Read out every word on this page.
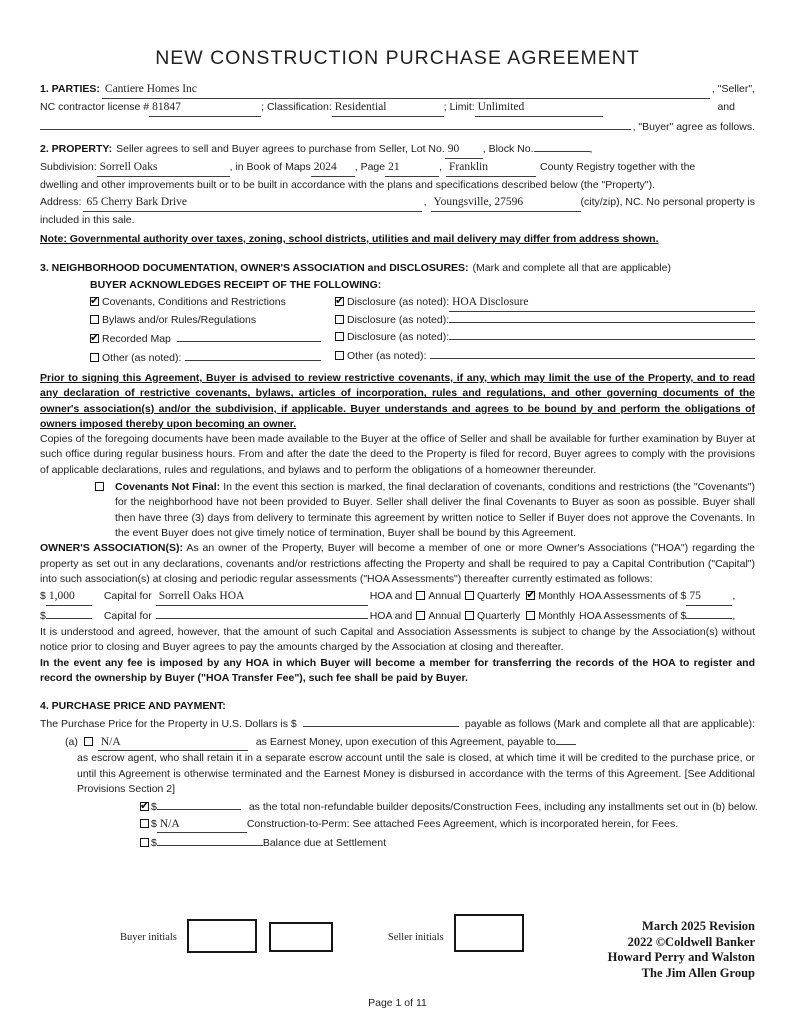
NEW CONSTRUCTION PURCHASE AGREEMENT
1. PARTIES: Cantiere Homes Inc	, "Seller",
NC contractor license # 81847	; Classification: Residential	; Limit: Unlimited	and
, "Buyer" agree as follows.
2. PROPERTY: Seller agrees to sell and Buyer agrees to purchase from Seller, Lot No. 90	, Block No.	,
Subdivision: Sorrell Oaks	, in Book of Maps 2024	, Page 21	, Franklin	County Registry together with the
dwelling and other improvements built or to be built in accordance with the plans and specifications described below (the "Property").
Address: 65 Cherry Bark Drive	, Youngsville, 27596	(city/zip), NC. No personal property is
included in this sale.
Note: Governmental authority over taxes, zoning, school districts, utilities and mail delivery may differ from address shown.
3. NEIGHBORHOOD DOCUMENTATION, OWNER'S ASSOCIATION and DISCLOSURES: (Mark and complete all that are applicable)
BUYER ACKNOWLEDGES RECEIPT OF THE FOLLOWING:
✔
Covenants, Conditions and Restrictions ✔	Disclosure (as noted): HOA Disclosure
Bylaws and/or Rules/Regulations	Disclosure (as noted):
✔
Recorded Map	Disclosure (as noted):
Other (as noted):	Other (as noted):

Prior to signing this Agreement, Buyer is advised to review restrictive covenants, if any, which may limit the use of the Property, and to read any declaration of restrictive covenants, bylaws, articles of incorporation, rules and regulations, and other governing documents of the owner's association(s) and/or the subdivision, if applicable. Buyer understands and agrees to be bound by and perform the obligations of owners imposed thereby upon becoming an owner.

Copies of the foregoing documents have been made available to the Buyer at the office of Seller and shall be available for further examination by Buyer at such office during regular business hours. From and after the date the deed to the Property is filed for record, Buyer agrees to comply with the provisions of applicable declarations, rules and regulations, and bylaws and to perform the obligations of a homeowner thereunder.

Covenants Not Final: In the event this section is marked, the final declaration of covenants, conditions and restrictions (the "Covenants") for the neighborhood have not been provided to Buyer. Seller shall deliver the final Covenants to Buyer as soon as possible. Buyer shall then have three (3) days from delivery to terminate this agreement by written notice to Seller if Buyer does not approve the Covenants. In the event Buyer does not give timely notice of termination, Buyer shall be bound by this Agreement.

OWNER'S ASSOCIATION(S): As an owner of the Property, Buyer will become a member of one or more Owner's Associations ("HOA") regarding the property as set out in any declarations, covenants and/or restrictions affecting the Property and shall be required to pay a Capital Contribution ("Capital") into such association(s) at closing and periodic regular assessments ("HOA Assessments") thereafter currently estimated as follows:

$ 1,000	Capital for Sorrell Oaks HOA	HOA and Annual Quarterly ✔ Monthly HOA Assessments of $ 75	,
$	Capital for	HOA and Annual Quarterly Monthly HOA Assessments of $	,

It is understood and agreed, however, that the amount of such Capital and Association Assessments is subject to change by the Association(s) without notice prior to closing and Buyer agrees to pay the amounts charged by the Association at closing and thereafter.

In the event any fee is imposed by any HOA in which Buyer will become a member for transferring the records of the HOA to register and record the ownership by Buyer ("HOA Transfer Fee"), such fee shall be paid by Buyer.

4. PURCHASE PRICE AND PAYMENT:
The Purchase Price for the Property in U.S. Dollars is $	payable as follows (Mark and complete all that are applicable):
(a) N/A	as Earnest Money, upon execution of this Agreement, payable to

as escrow agent, who shall retain it in a separate escrow account until the sale is closed, at which time it will be credited to the purchase price, or until this Agreement is otherwise terminated and the Earnest Money is disbursed in accordance with the terms of this Agreement. [See Additional Provisions Section 2]

✔
$	as the total non-refundable builder deposits/Construction Fees, including any installments set out in (b) below.
$ N/A	Construction-to-Perm: See attached Fees Agreement, which is incorporated herein, for Fees.
$	Balance due at Settlement
Buyer initials	Seller initials
March 2025 Revision
2022 ©Coldwell Banker
Howard Perry and Walston
The Jim Allen Group
Page 1 of 11
